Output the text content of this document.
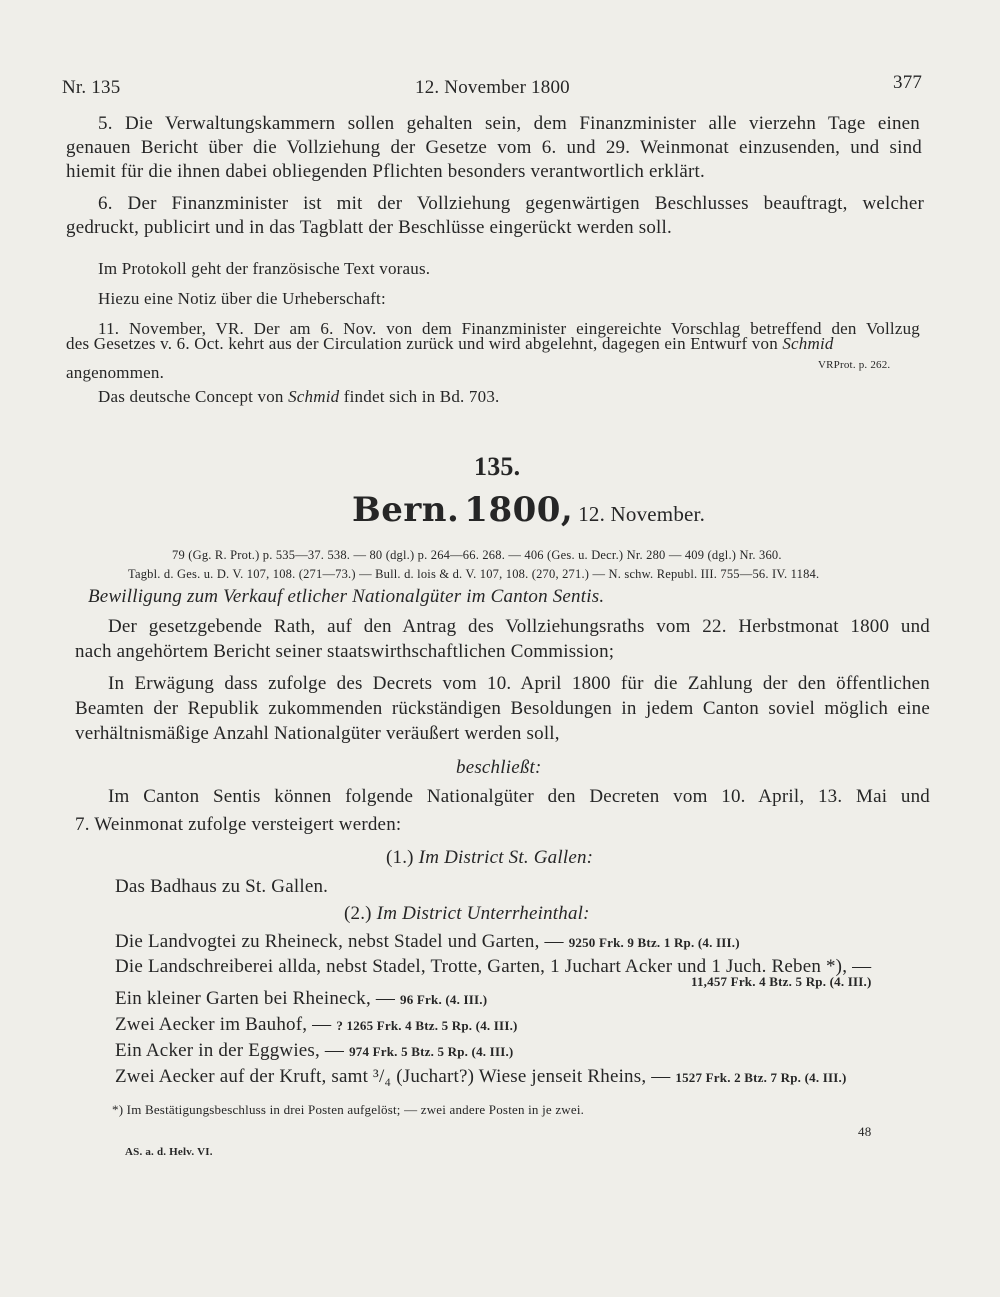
Nr. 135	12. November 1800	377
5. Die Verwaltungskammern sollen gehalten sein, dem Finanzminister alle vierzehn Tage einen
genauen Bericht über die Vollziehung der Gesetze vom 6. und 29. Weinmonat einzusenden, und sind
hiemit für die ihnen dabei obliegenden Pflichten besonders verantwortlich erklärt.
6. Der Finanzminister ist mit der Vollziehung gegenwärtigen Beschlusses beauftragt, welcher
gedruckt, publicirt und in das Tagblatt der Beschlüsse eingerückt werden soll.
Im Protokoll geht der französische Text voraus.
Hiezu eine Notiz über die Urheberschaft:
11. November, VR. Der am 6. Nov. von dem Finanzminister eingereichte Vorschlag betreffend den Vollzug
des Gesetzes v. 6. Oct. kehrt aus der Circulation zurück und wird abgelehnt, dagegen ein Entwurf von Schmid
angenommen.	VRProt. p. 262.
Das deutsche Concept von Schmid findet sich in Bd. 703.
135.
Bern. 1800, 12. November.
79 (Gg. R. Prot.) p. 535—37. 538. — 80 (dgl.) p. 264—66. 268. — 406 (Ges. u. Decr.) Nr. 280 — 409 (dgl.) Nr. 360.
Tagbl. d. Ges. u. D. V. 107, 108. (271—73.) — Bull. d. lois & d. V. 107, 108. (270, 271.) — N. schw. Republ. III. 755—56. IV. 1184.
Bewilligung zum Verkauf etlicher Nationalgüter im Canton Sentis.
Der gesetzgebende Rath, auf den Antrag des Vollziehungsraths vom 22. Herbstmonat 1800 und
nach angehörtem Bericht seiner staatswirthschaftlichen Commission;
In Erwägung dass zufolge des Decrets vom 10. April 1800 für die Zahlung der den öffentlichen
Beamten der Republik zukommenden rückständigen Besoldungen in jedem Canton soviel möglich eine
verhältnismäßige Anzahl Nationalgüter veräußert werden soll,
beschließt:
Im Canton Sentis können folgende Nationalgüter den Decreten vom 10. April, 13. Mai und
7. Weinmonat zufolge versteigert werden:
(1.) Im District St. Gallen:
Das Badhaus zu St. Gallen.
(2.) Im District Unterrheinthal:
Die Landvogtei zu Rheineck, nebst Stadel und Garten, — 9250 Frk. 9 Btz. 1 Rp. (4. III.)
Die Landschreiberei allda, nebst Stadel, Trotte, Garten, 1 Juchart Acker und 1 Juch. Reben *), —
11,457 Frk. 4 Btz. 5 Rp. (4. III.)
Ein kleiner Garten bei Rheineck, — 96 Frk. (4. III.)
Zwei Aecker im Bauhof, — ? 1265 Frk. 4 Btz. 5 Rp. (4. III.)
Ein Acker in der Eggwies, — 974 Frk. 5 Btz. 5 Rp. (4. III.)
Zwei Aecker auf der Kruft, samt ³/₄ (Juchart?) Wiese jenseit Rheins, — 1527 Frk. 2 Btz. 7 Rp. (4. III.)
*) Im Bestätigungsbeschluss in drei Posten aufgelöst; — zwei andere Posten in je zwei.
48
AS. a. d. Helv. VI.
